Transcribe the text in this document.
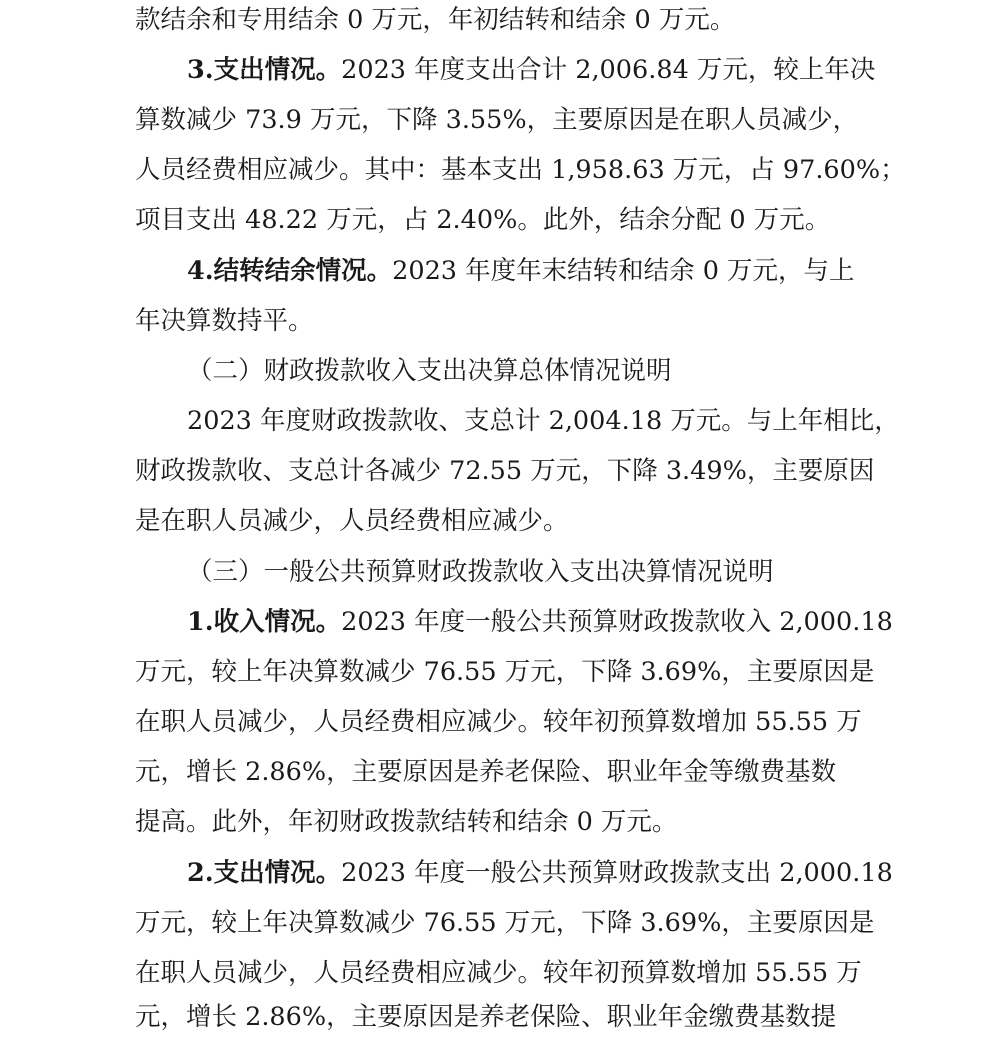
款结余和专用结余 0 万元，年初结转和结余 0 万元。
3.支出情况。 2023 年度支出合计 2,006.84 万元，较上年决
算数减少 73.9 万元，下降 3.55%，主要原因是在职人员减少，
人员经费相应减少。其中：基本支出 1,958.63 万元，占 97.60%；
项目支出 48.22 万元，占 2.40%。此外，结余分配 0 万元。
4.结转结余情况。 2023 年度年末结转和结余 0 万元，与上
年决算数持平。
（二）财政拨款收入支出决算总体情况说明
2023 年度财政拨款收、支总计 2,004.18 万元。与上年相比，
财政拨款收、支总计各减少 72.55 万元，下降 3.49%，主要原因
是在职人员减少，人员经费相应减少。
（三）一般公共预算财政拨款收入支出决算情况说明
1.收入情况。 2023 年度一般公共预算财政拨款收入 2,000.18
万元，较上年决算数减少 76.55 万元，下降 3.69%，主要原因是
在职人员减少，人员经费相应减少。较年初预算数增加 55.55 万
元，增长 2.86%，主要原因是养老保险、职业年金等缴费基数
提高。此外，年初财政拨款结转和结余 0 万元。
2.支出情况。 2023 年度一般公共预算财政拨款支出 2,000.18
万元，较上年决算数减少 76.55 万元，下降 3.69%，主要原因是
在职人员减少，人员经费相应减少。较年初预算数增加 55.55 万
元，增长 2.86%，主要原因是养老保险、职业年金缴费基数提
